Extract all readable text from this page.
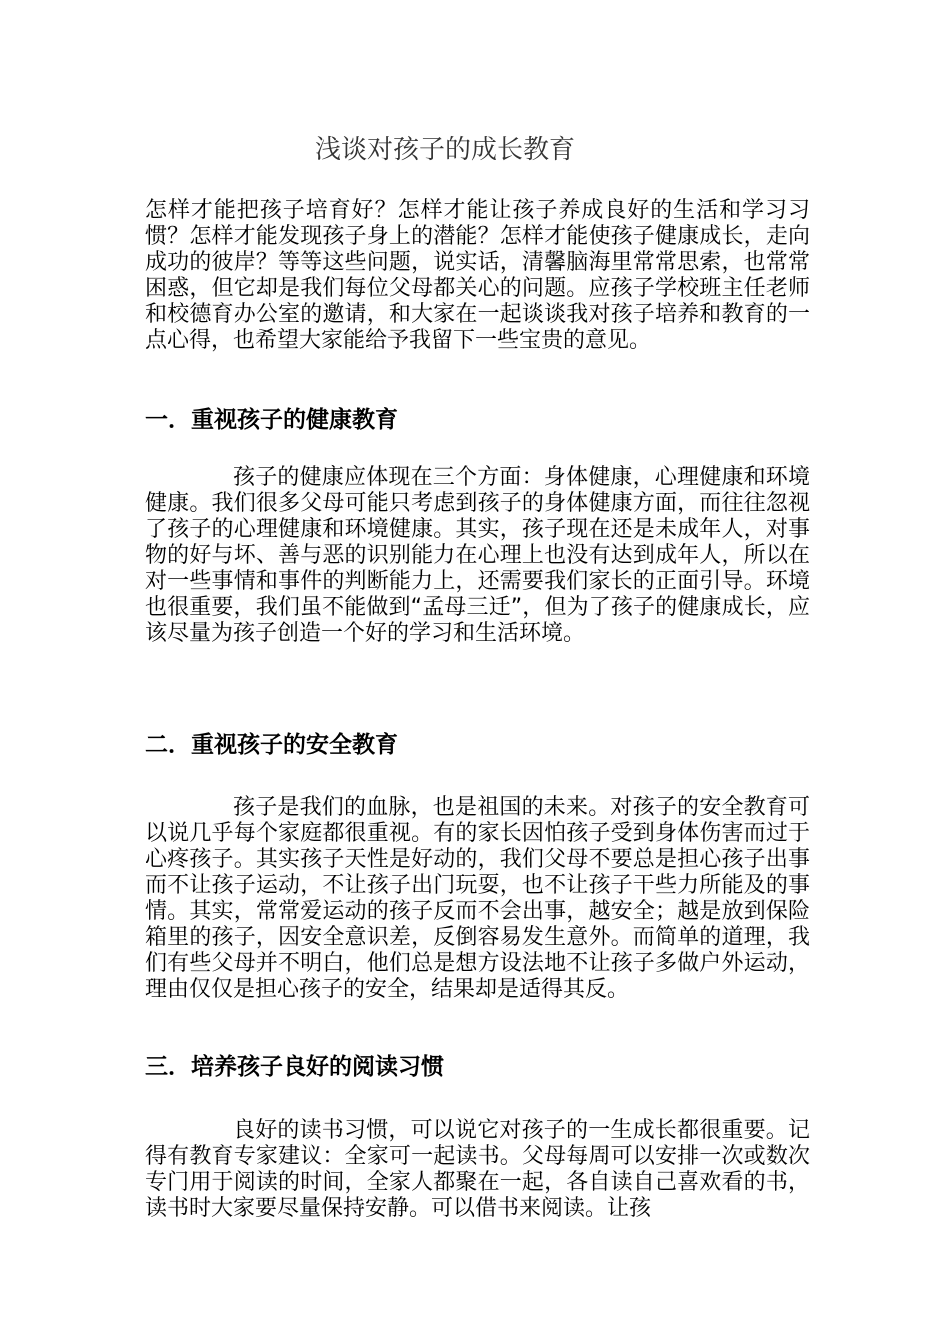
浅谈对孩子的成长教育

怎样才能把孩子培育好？怎样才能让孩子养成良好的生活和学习习惯？怎样才能发现孩子身上的潜能？怎样才能使孩子健康成长，走向成功的彼岸？等等这些问题，说实话，清馨脑海里常常思索，也常常困惑，但它却是我们每位父母都关心的问题。应孩子学校班主任老师和校德育办公室的邀请，和大家在一起谈谈我对孩子培养和教育的一点心得，也希望大家能给予我留下一些宝贵的意见。

一．重视孩子的健康教育

孩子的健康应体现在三个方面：身体健康，心理健康和环境健康。我们很多父母可能只考虑到孩子的身体健康方面，而往往忽视了孩子的心理健康和环境健康。其实，孩子现在还是未成年人，对事物的好与坏、善与恶的识别能力在心理上也没有达到成年人，所以在对一些事情和事件的判断能力上，还需要我们家长的正面引导。环境也很重要，我们虽不能做到“孟母三迁”，但为了孩子的健康成长，应该尽量为孩子创造一个好的学习和生活环境。

二．重视孩子的安全教育

孩子是我们的血脉，也是祖国的未来。对孩子的安全教育可以说几乎每个家庭都很重视。有的家长因怕孩子受到身体伤害而过于心疼孩子。其实孩子天性是好动的，我们父母不要总是担心孩子出事而不让孩子运动，不让孩子出门玩耍，也不让孩子干些力所能及的事情。其实，常常爱运动的孩子反而不会出事，越安全；越是放到保险箱里的孩子，因安全意识差，反倒容易发生意外。而简单的道理，我们有些父母并不明白，他们总是想方设法地不让孩子多做户外运动，理由仅仅是担心孩子的安全，结果却是适得其反。

三．培养孩子良好的阅读习惯

良好的读书习惯，可以说它对孩子的一生成长都很重要。记得有教育专家建议：全家可一起读书。父母每周可以安排一次或数次专门用于阅读的时间，全家人都聚在一起，各自读自己喜欢看的书，读书时大家要尽量保持安静。可以借书来阅读。让孩
